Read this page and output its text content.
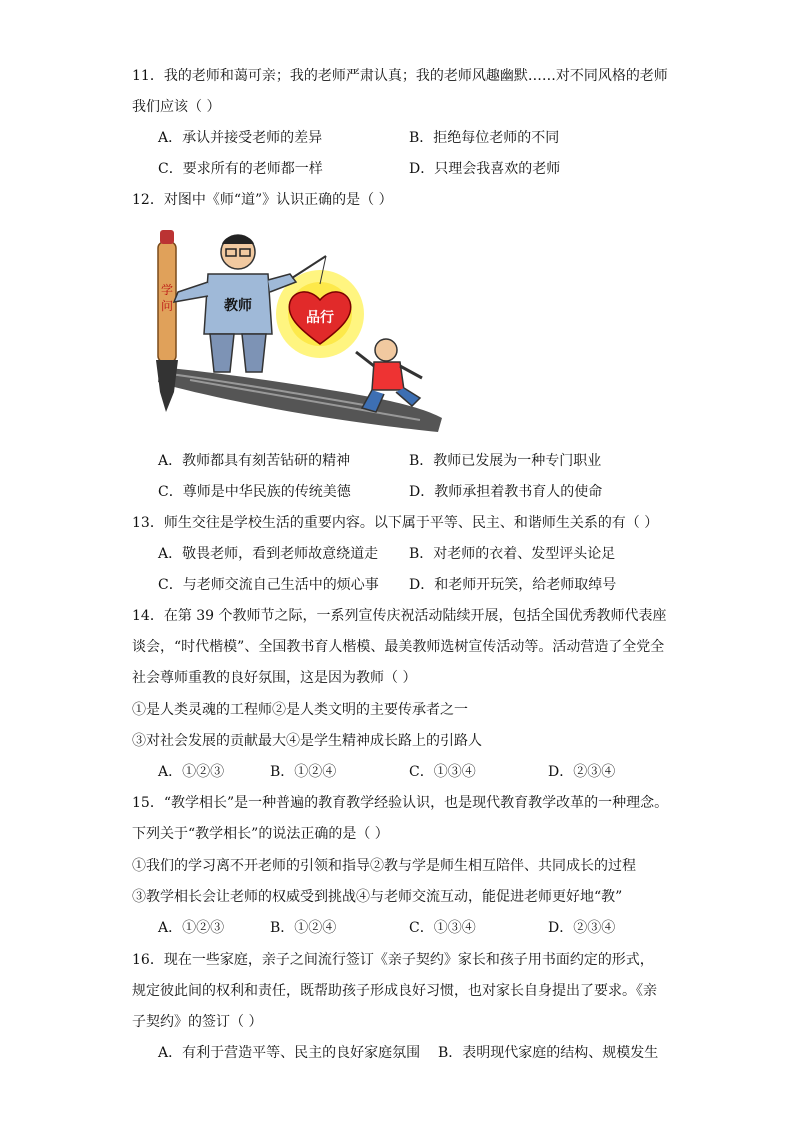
11．我的老师和蔼可亲；我的老师严肃认真；我的老师风趣幽默……对不同风格的老师
我们应该（ ）
A．承认并接受老师的差异	B．拒绝每位老师的不同
C．要求所有的老师都一样	D．只理会我喜欢的老师
12．对图中《师“道”》认识正确的是（ ）
学
问	教师
品行
A．教师都具有刻苦钻研的精神	B．教师已发展为一种专门职业
C．尊师是中华民族的传统美德	D．教师承担着教书育人的使命
13．师生交往是学校生活的重要内容。以下属于平等、民主、和谐师生关系的有（ ）
A．敬畏老师，看到老师故意绕道走 B．对老师的衣着、发型评头论足
C．与老师交流自己生活中的烦心事 D．和老师开玩笑，给老师取绰号
14．在第 39 个教师节之际，一系列宣传庆祝活动陆续开展，包括全国优秀教师代表座
谈会，“时代楷模”、全国教书育人楷模、最美教师选树宣传活动等。活动营造了全党全
社会尊师重教的良好氛围，这是因为教师（ ）
①是人类灵魂的工程师②是人类文明的主要传承者之一
③对社会发展的贡献最大④是学生精神成长路上的引路人
A．①②③	B．①②④	C．①③④	D．②③④
15．“教学相长”是一种普遍的教育教学经验认识，也是现代教育教学改革的一种理念。
下列关于“教学相长”的说法正确的是（ ）
①我们的学习离不开老师的引领和指导②教与学是师生相互陪伴、共同成长的过程
③教学相长会让老师的权威受到挑战④与老师交流互动，能促进老师更好地“教”
A．①②③	B．①②④	C．①③④	D．②③④
16．现在一些家庭，亲子之间流行签订《亲子契约》家长和孩子用书面约定的形式，
规定彼此间的权利和责任，既帮助孩子形成良好习惯，也对家长自身提出了要求。《亲
子契约》的签订（ ）
A．有利于营造平等、民主的良好家庭氛围 B．表明现代家庭的结构、规模发生
